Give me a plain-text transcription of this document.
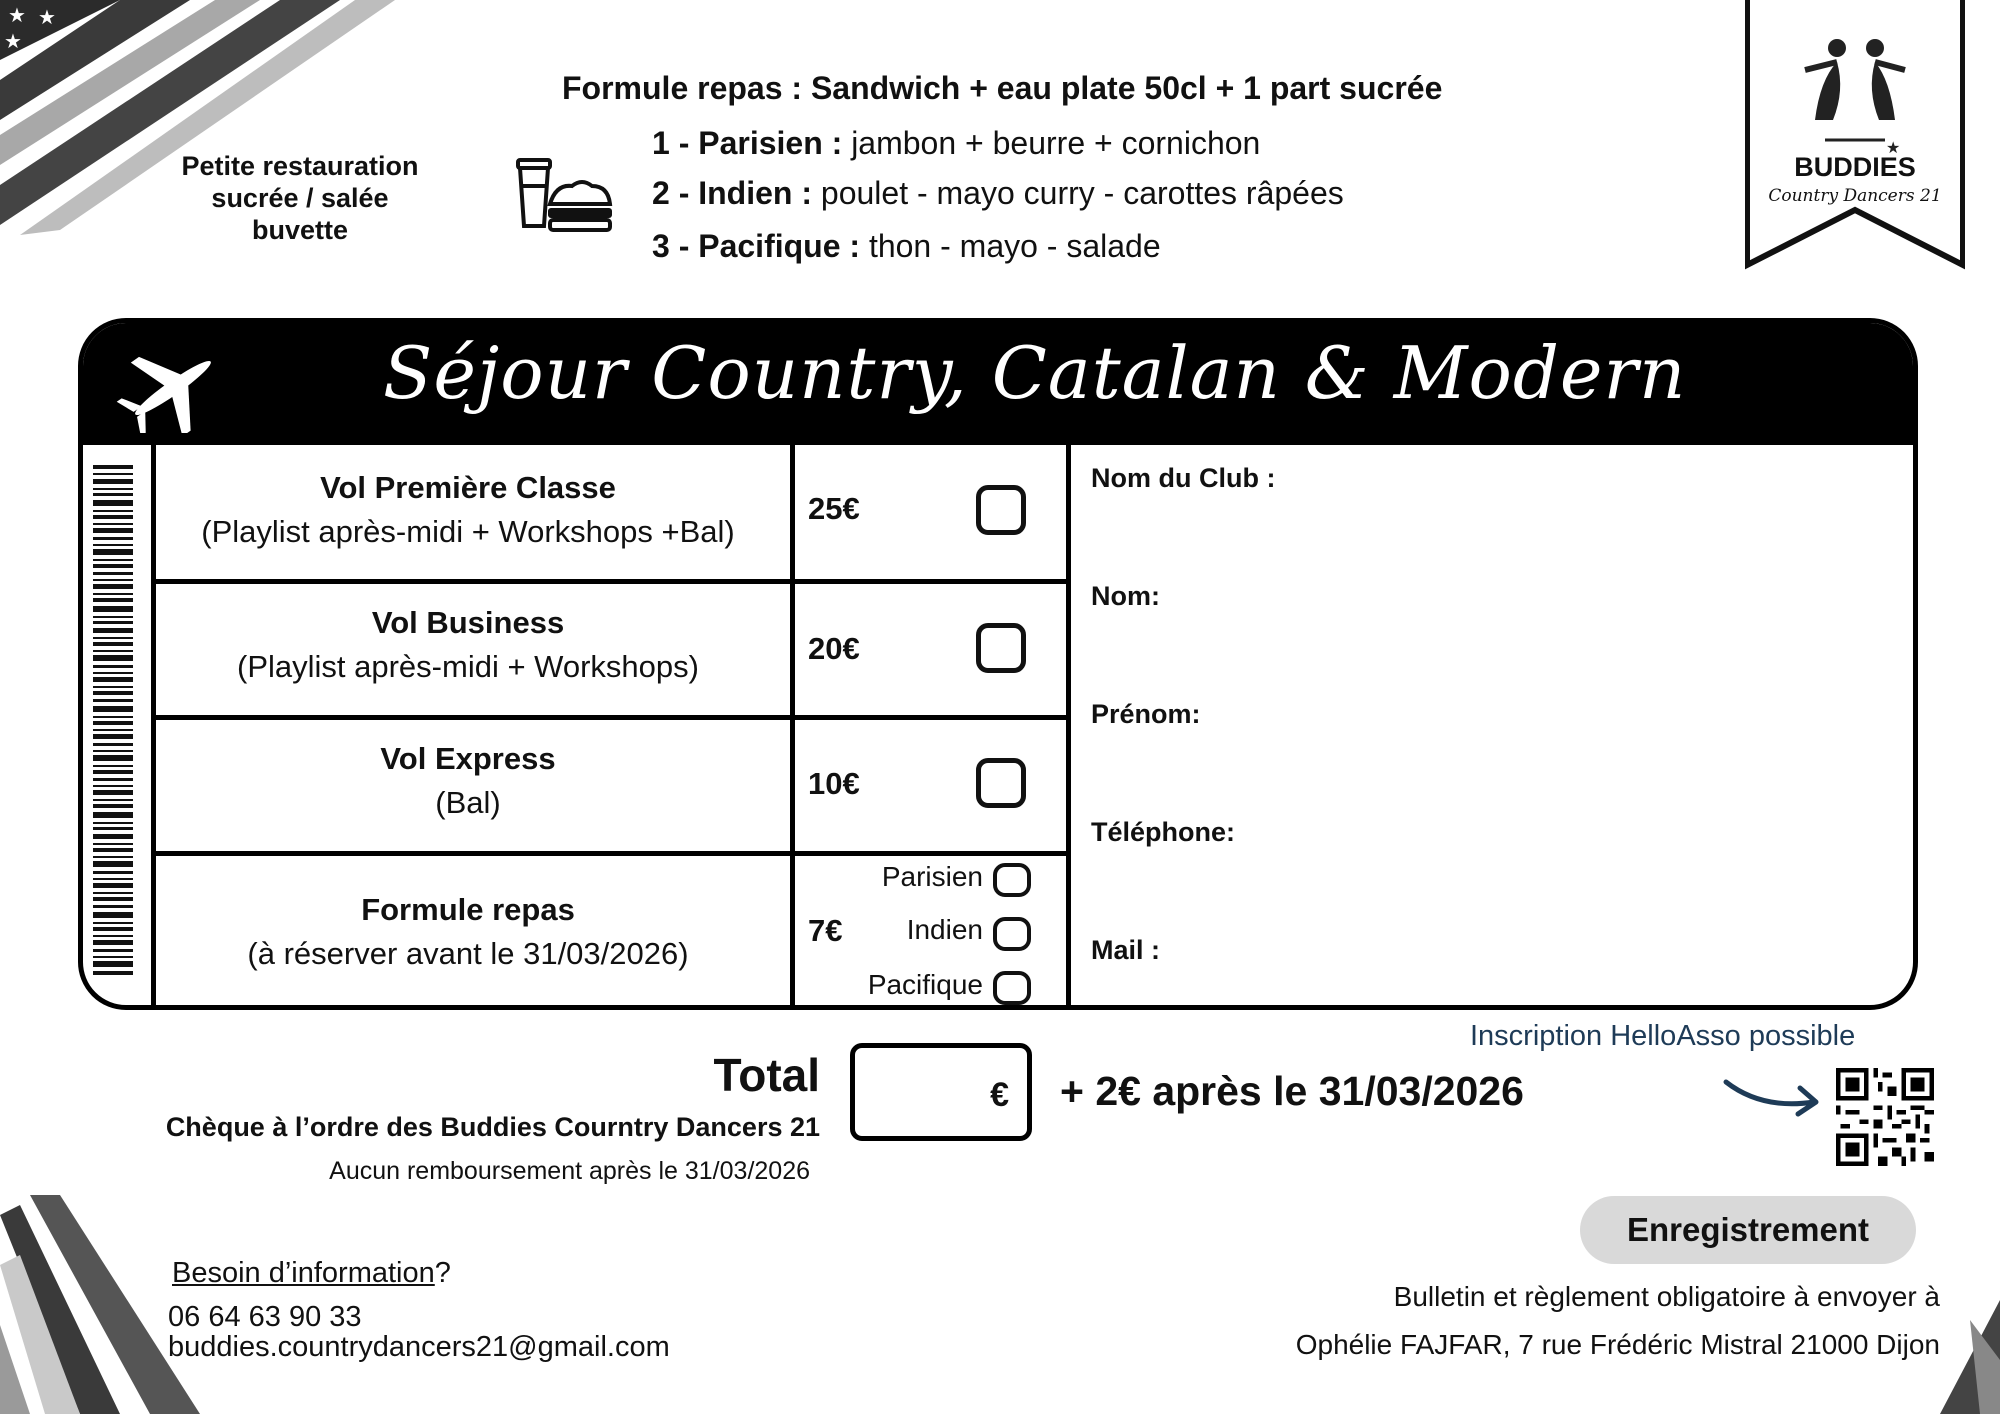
★ ★
★
Petite restauration sucrée / salée buvette
Formule repas : Sandwich + eau plate 50cl + 1 part sucrée
1 - Parisien : jambon + beurre + cornichon
2 - Indien : poulet - mayo curry - carottes râpées
3 - Pacifique : thon - mayo - salade
★
BUDDIES
Country Dancers 21
Séjour Country, Catalan & Modern
Vol Première Classe
(Playlist après-midi + Workshops +Bal)
25€
Vol Business
(Playlist après-midi + Workshops)
20€
Vol Express
(Bal)
10€
Formule repas
(à réserver avant le 31/03/2026)
7€
Parisien
Indien
Pacifique
Nom du Club :
Nom:
Prénom:
Téléphone:
Mail :
Total
Chèque à l’ordre des Buddies Courntry Dancers 21
Aucun remboursement après le 31/03/2026
€ + 2€ après le 31/03/2026
Inscription HelloAsso possible
Enregistrement
Bulletin et règlement obligatoire à envoyer à
Ophélie FAJFAR, 7 rue Frédéric Mistral 21000 Dijon
Besoin d’information?
06 64 63 90 33
buddies.countrydancers21@gmail.com
